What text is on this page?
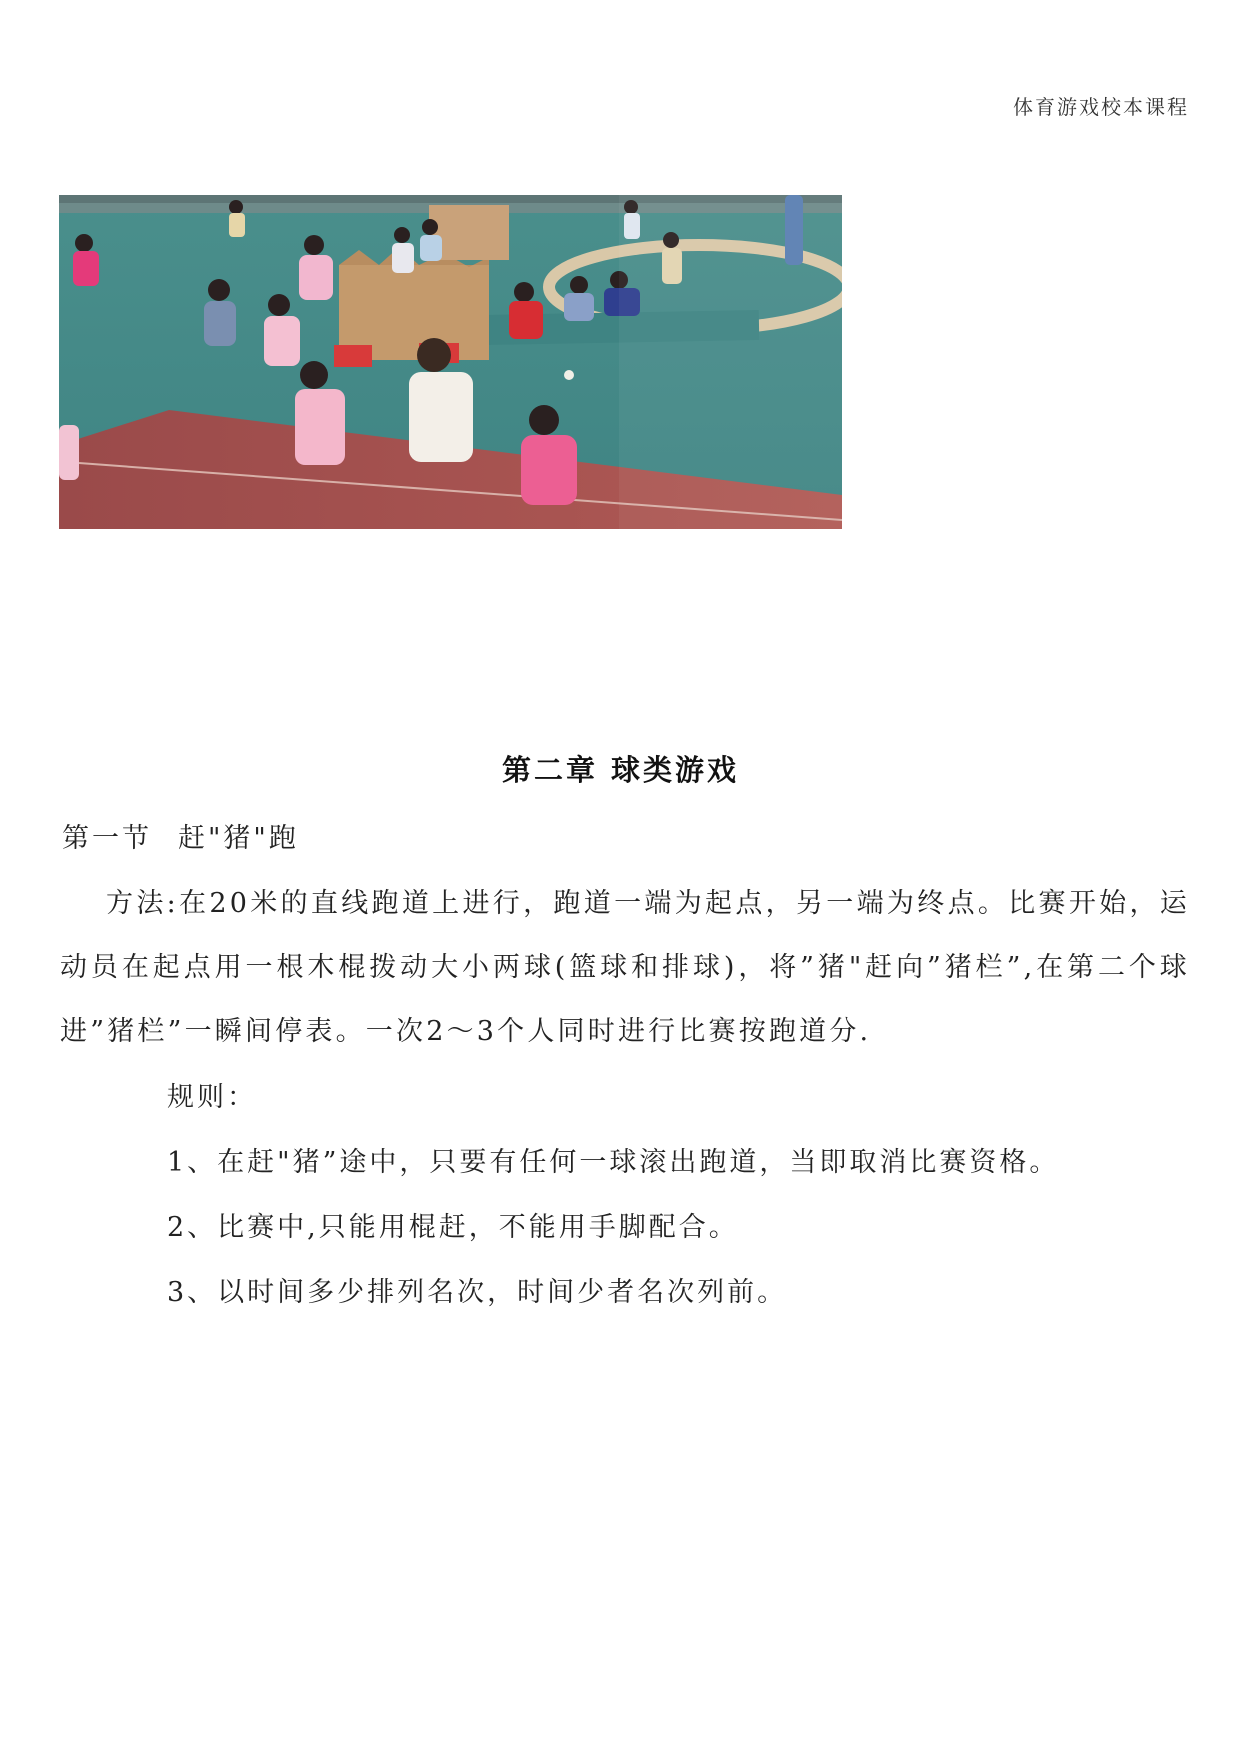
体育游戏校本课程
第二章 球类游戏
第一节 赶"猪"跑
方法:在20米的直线跑道上进行，跑道一端为起点，另一端为终点。比赛开始，运动员在起点用一根木棍拨动大小两球(篮球和排球)，将”猪"赶向”猪栏”,在第二个球进”猪栏”一瞬间停表。一次2～3个人同时进行比赛按跑道分.
规则：
1、在赶"猪”途中，只要有任何一球滚出跑道，当即取消比赛资格。
2、比赛中,只能用棍赶，不能用手脚配合。
3、以时间多少排列名次，时间少者名次列前。
